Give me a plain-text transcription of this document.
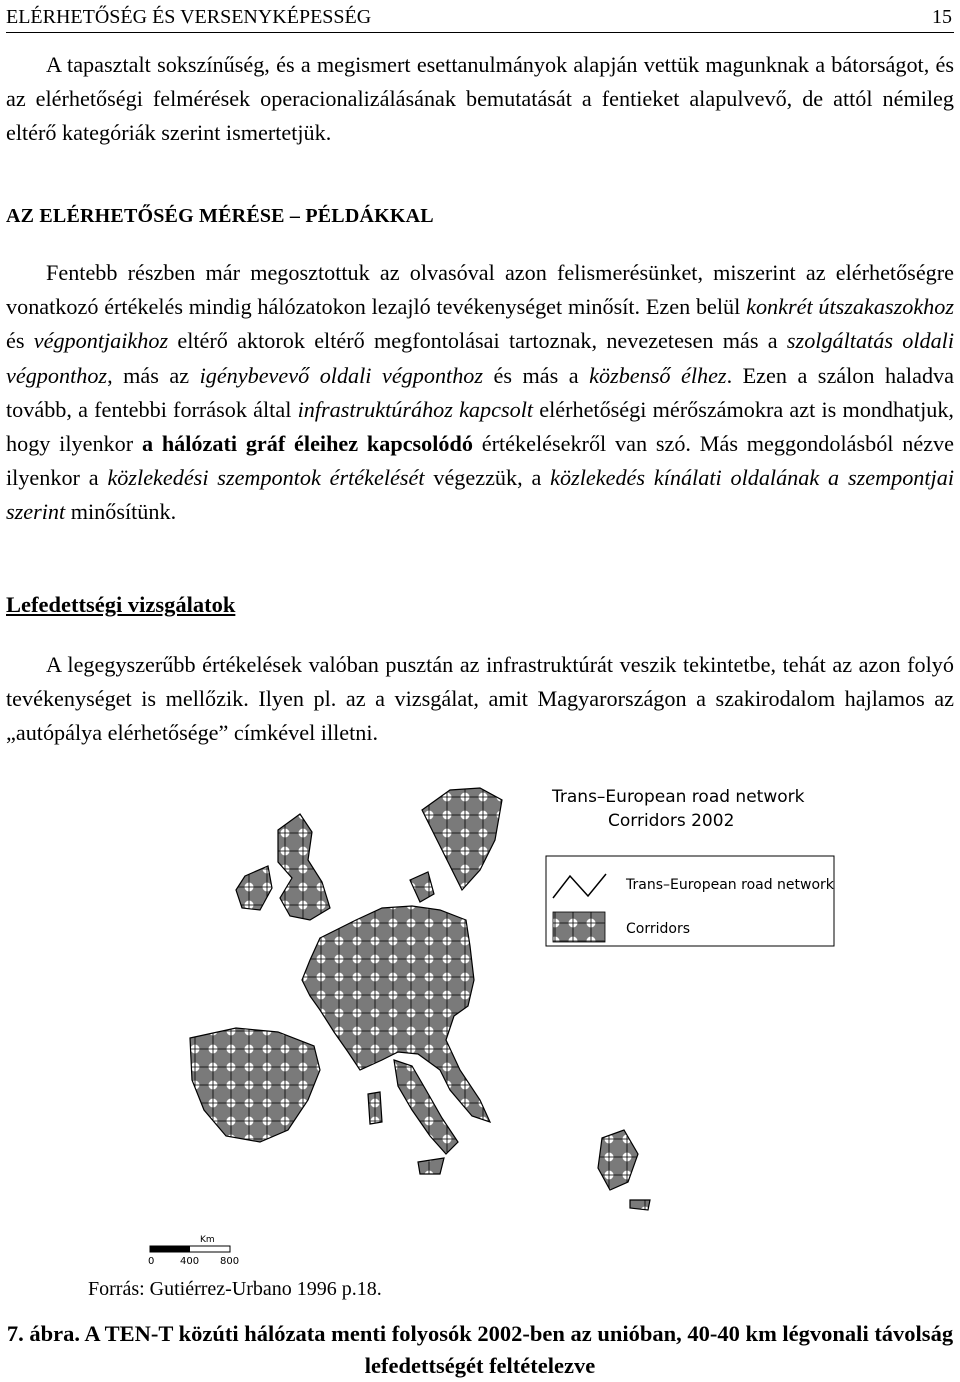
ELÉRHETŐSÉG ÉS VERSENYKÉPESSÉG	15
A tapasztalt sokszínűség, és a megismert esettanulmányok alapján vettük magunknak a bátorságot, és az elérhetőségi felmérések operacionalizálásának bemutatását a fentieket alapulvevő, de attól némileg eltérő kategóriák szerint ismertetjük.
AZ ELÉRHETŐSÉG MÉRÉSE – PÉLDÁKKAL
Fentebb részben már megosztottuk az olvasóval azon felismerésünket, miszerint az elérhetőségre vonatkozó értékelés mindig hálózatokon lezajló tevékenységet minősít. Ezen belül konkrét útszakaszokhoz és végpontjaikhoz eltérő aktorok eltérő megfontolásai tartoznak, nevezetesen más a szolgáltatás oldali végponthoz, más az igénybevevő oldali végponthoz és más a közbenső élhez. Ezen a szálon haladva tovább, a fentebbi források által infrastruktúrához kapcsolt elérhetőségi mérőszámokra azt is mondhatjuk, hogy ilyenkor a hálózati gráf éleihez kapcsolódó értékelésekről van szó. Más meggondolásból nézve ilyenkor a közlekedési szempontok értékelését végezzük, a közlekedés kínálati oldalának a szempontjai szerint minősítünk.
Lefedettségi vizsgálatok
A legegyszerűbb értékelések valóban pusztán az infrastruktúrát veszik tekintetbe, tehát az azon folyó tevékenységet is mellőzik. Ilyen pl. az a vizsgálat, amit Magyarországon a szakirodalom hajlamos az „autópálya elérhetősége” címkével illetni.
Trans–European road network
Corridors 2002
Trans–European road network
Corridors
Km
0	400 800
Forrás: Gutiérrez-Urbano 1996 p.18.
7. ábra. A TEN-T közúti hálózata menti folyosók 2002-ben az unióban, 40-40 km légvonali távolság lefedettségét feltételezve
